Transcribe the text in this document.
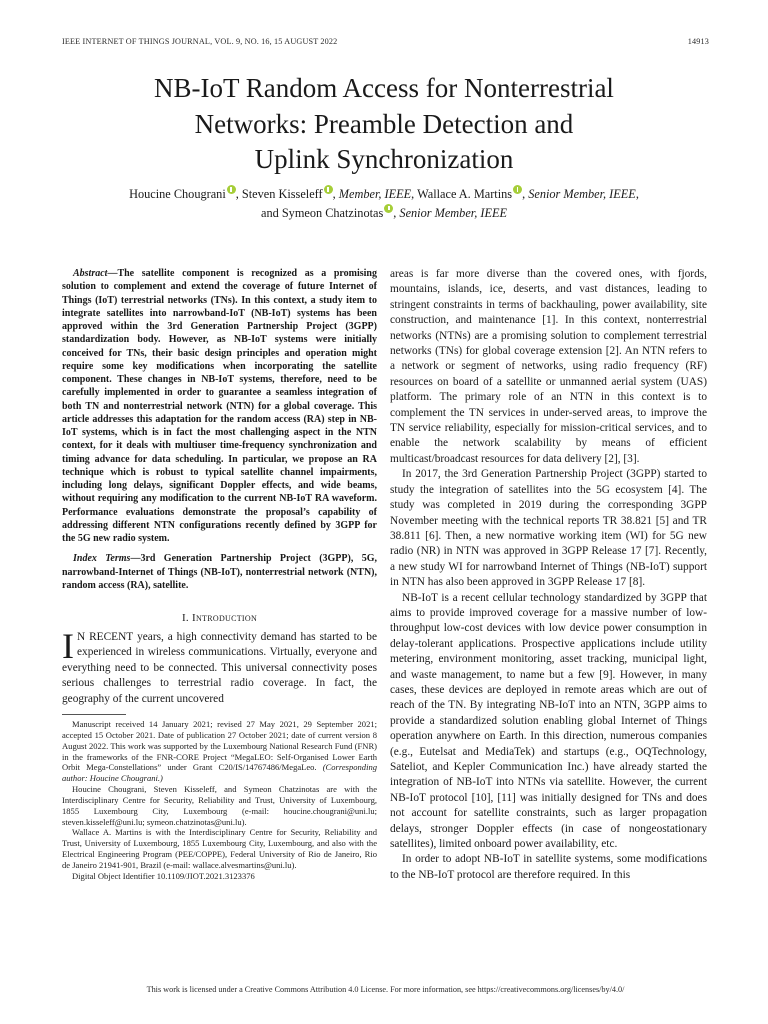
IEEE INTERNET OF THINGS JOURNAL, VOL. 9, NO. 16, 15 AUGUST 2022	14913
NB-IoT Random Access for Nonterrestrial
Networks: Preamble Detection and
Uplink Synchronization
Houcine Chougrani , Steven Kisseleff , Member, IEEE, Wallace A. Martins , Senior Member, IEEE,
and Symeon Chatzinotas , Senior Member, IEEE

Abstract—The satellite component is recognized as a promising solution to complement and extend the coverage of future Internet of Things (IoT) terrestrial networks (TNs). In this context, a study item to integrate satellites into narrowband-IoT (NB-IoT) systems has been approved within the 3rd Generation Partnership Project (3GPP) standardization body. However, as NB-IoT systems were initially conceived for TNs, their basic design principles and operation might require some key modifications when incorporating the satellite component. These changes in NB-IoT systems, therefore, need to be carefully implemented in order to guarantee a seamless integration of both TN and nonterrestrial network (NTN) for a global coverage. This article addresses this adaptation for the random access (RA) step in NB-IoT systems, which is in fact the most challenging aspect in the NTN context, for it deals with multiuser time-frequency synchronization and timing advance for data scheduling. In particular, we propose an RA technique which is robust to typical satellite channel impairments, including long delays, significant Doppler effects, and wide beams, without requiring any modification to the current NB-IoT RA waveform. Performance evaluations demonstrate the proposal’s capability of addressing different NTN configurations recently defined by 3GPP for the 5G new radio system.

Index Terms—3rd Generation Partnership Project (3GPP), 5G, narrowband-Internet of Things (NB-IoT), nonterrestrial network (NTN), random access (RA), satellite.

I. Introduction

I N RECENT years, a high connectivity demand has started to be experienced in wireless communications. Virtually, everyone and everything need to be connected. This universal connectivity poses serious challenges to terrestrial radio coverage. In fact, the geography of the current uncovered

Manuscript received 14 January 2021; revised 27 May 2021, 29 September 2021; accepted 15 October 2021. Date of publication 27 October 2021; date of current version 8 August 2022. This work was supported by the Luxembourg National Research Fund (FNR) in the frameworks of the FNR-CORE Project “MegaLEO: Self-Organised Lower Earth Orbit Mega-Constellations” under Grant C20/IS/14767486/MegaLeo. (Corresponding author: Houcine Chougrani.)

Houcine Chougrani, Steven Kisseleff, and Symeon Chatzinotas are with the Interdisciplinary Centre for Security, Reliability and Trust, University of Luxembourg, 1855 Luxembourg City, Luxembourg (e-mail: houcine.chougrani@uni.lu; steven.kisseleff@uni.lu; symeon.chatzinotas@uni.lu).

Wallace A. Martins is with the Interdisciplinary Centre for Security, Reliability and Trust, University of Luxembourg, 1855 Luxembourg City, Luxembourg, and also with the Electrical Engineering Program (PEE/COPPE), Federal University of Rio de Janeiro, Rio de Janeiro 21941-901, Brazil (e-mail: wallace.alvesmartins@uni.lu).

Digital Object Identifier 10.1109/JIOT.2021.3123376

areas is far more diverse than the covered ones, with fjords, mountains, islands, ice, deserts, and vast distances, leading to stringent constraints in terms of backhauling, power availability, site construction, and maintenance [1]. In this context, nonterrestrial networks (NTNs) are a promising solution to complement terrestrial networks (TNs) for global coverage extension [2]. An NTN refers to a network or segment of networks, using radio frequency (RF) resources on board of a satellite or unmanned aerial system (UAS) platform. The primary role of an NTN in this context is to complement the TN services in under-served areas, to improve the TN service reliability, especially for mission-critical services, and to enable the network scalability by means of efficient multicast/broadcast resources for data delivery [2], [3].

In 2017, the 3rd Generation Partnership Project (3GPP) started to study the integration of satellites into the 5G ecosystem [4]. The study was completed in 2019 during the corresponding 3GPP November meeting with the technical reports TR 38.821 [5] and TR 38.811 [6]. Then, a new normative working item (WI) for 5G new radio (NR) in NTN was approved in 3GPP Release 17 [7]. Recently, a new study WI for narrowband Internet of Things (NB-IoT) support in NTN has also been approved in 3GPP Release 17 [8].

NB-IoT is a recent cellular technology standardized by 3GPP that aims to provide improved coverage for a massive number of low-throughput low-cost devices with low device power consumption in delay-tolerant applications. Prospective applications include utility metering, environment monitoring, asset tracking, municipal light, and waste management, to name but a few [9]. However, in many cases, these devices are deployed in remote areas which are out of reach of the TN. By integrating NB-IoT into an NTN, 3GPP aims to provide a standardized solution enabling global Internet of Things operation anywhere on Earth. In this direction, numerous companies (e.g., Eutelsat and MediaTek) and startups (e.g., OQTechnology, Sateliot, and Kepler Communication Inc.) have already started the integration of NB-IoT into NTNs via satellite. However, the current NB-IoT protocol [10], [11] was initially designed for TNs and does not account for satellite constraints, such as larger propagation delays, stronger Doppler effects (in case of nongeostationary satellites), limited onboard power availability, etc.

In order to adopt NB-IoT in satellite systems, some modifications to the NB-IoT protocol are therefore required. In this

This work is licensed under a Creative Commons Attribution 4.0 License. For more information, see https://creativecommons.org/licenses/by/4.0/
